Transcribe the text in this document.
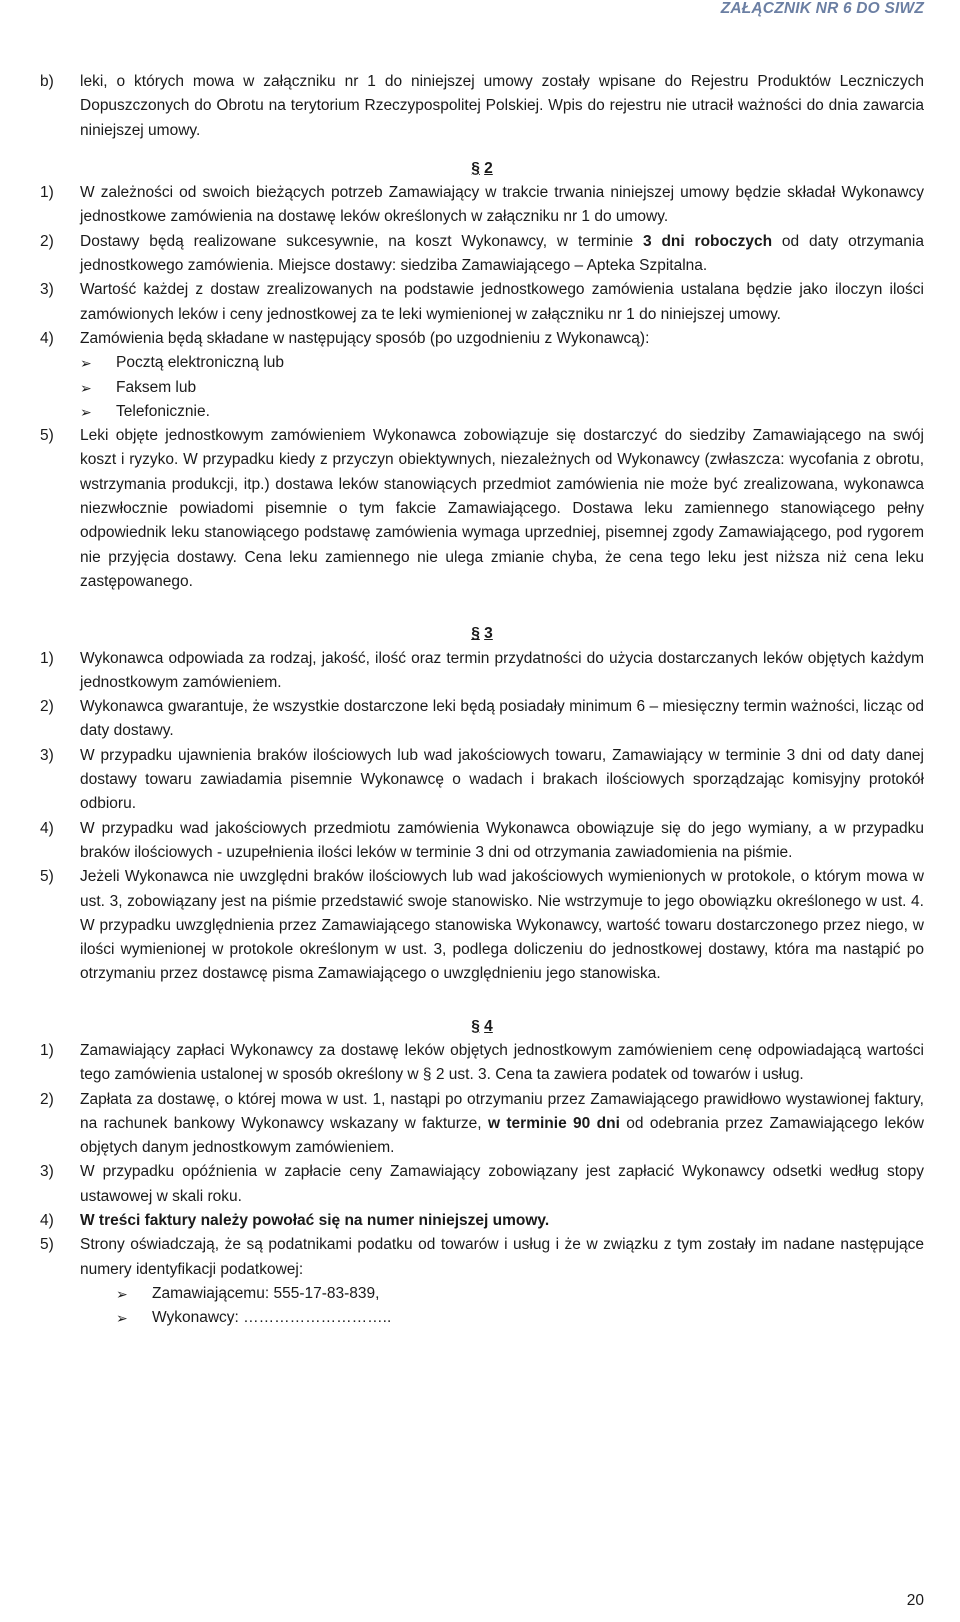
ZAŁĄCZNIK NR 6 DO SIWZ
b) leki, o których mowa w załączniku nr 1 do niniejszej umowy zostały wpisane do Rejestru Produktów Leczniczych Dopuszczonych do Obrotu na terytorium Rzeczypospolitej Polskiej. Wpis do rejestru nie utracił ważności do dnia zawarcia niniejszej umowy.
§ 2
1) W zależności od swoich bieżących potrzeb Zamawiający w trakcie trwania niniejszej umowy będzie składał Wykonawcy jednostkowe zamówienia na dostawę leków określonych w załączniku nr 1 do umowy.
2) Dostawy będą realizowane sukcesywnie, na koszt Wykonawcy, w terminie 3 dni roboczych od daty otrzymania jednostkowego zamówienia. Miejsce dostawy: siedziba Zamawiającego – Apteka Szpitalna.
3) Wartość każdej z dostaw zrealizowanych na podstawie jednostkowego zamówienia ustalana będzie jako iloczyn ilości zamówionych leków i ceny jednostkowej za te leki wymienionej w załączniku nr 1 do niniejszej umowy.
4) Zamówienia będą składane w następujący sposób (po uzgodnieniu z Wykonawcą):
➢ Pocztą elektroniczną lub
➢ Faksem lub
➢ Telefonicznie.
5) Leki objęte jednostkowym zamówieniem Wykonawca zobowiązuje się dostarczyć do siedziby Zamawiającego na swój koszt i ryzyko. W przypadku kiedy z przyczyn obiektywnych, niezależnych od Wykonawcy (zwłaszcza: wycofania z obrotu, wstrzymania produkcji, itp.) dostawa leków stanowiących przedmiot zamówienia nie może być zrealizowana, wykonawca niezwłocznie powiadomi pisemnie o tym fakcie Zamawiającego. Dostawa leku zamiennego stanowiącego pełny odpowiednik leku stanowiącego podstawę zamówienia wymaga uprzedniej, pisemnej zgody Zamawiającego, pod rygorem nie przyjęcia dostawy. Cena leku zamiennego nie ulega zmianie chyba, że cena tego leku jest niższa niż cena leku zastępowanego.
§ 3
1) Wykonawca odpowiada za rodzaj, jakość, ilość oraz termin przydatności do użycia dostarczanych leków objętych każdym jednostkowym zamówieniem.
2) Wykonawca gwarantuje, że wszystkie dostarczone leki będą posiadały minimum 6 – miesięczny termin ważności, licząc od daty dostawy.
3) W przypadku ujawnienia braków ilościowych lub wad jakościowych towaru, Zamawiający w terminie 3 dni od daty danej dostawy towaru zawiadamia pisemnie Wykonawcę o wadach i brakach ilościowych sporządzając komisyjny protokół odbioru.
4) W przypadku wad jakościowych przedmiotu zamówienia Wykonawca obowiązuje się do jego wymiany, a w przypadku braków ilościowych - uzupełnienia ilości leków w terminie 3 dni od otrzymania zawiadomienia na piśmie.
5) Jeżeli Wykonawca nie uwzględni braków ilościowych lub wad jakościowych wymienionych w protokole, o którym mowa w ust. 3, zobowiązany jest na piśmie przedstawić swoje stanowisko. Nie wstrzymuje to jego obowiązku określonego w ust. 4. W przypadku uwzględnienia przez Zamawiającego stanowiska Wykonawcy, wartość towaru dostarczonego przez niego, w ilości wymienionej w protokole określonym w ust. 3, podlega doliczeniu do jednostkowej dostawy, która ma nastąpić po otrzymaniu przez dostawcę pisma Zamawiającego o uwzględnieniu jego stanowiska.
§ 4
1) Zamawiający zapłaci Wykonawcy za dostawę leków objętych jednostkowym zamówieniem cenę odpowiadającą wartości tego zamówienia ustalonej w sposób określony w § 2 ust. 3. Cena ta zawiera podatek od towarów i usług.
2) Zapłata za dostawę, o której mowa w ust. 1, nastąpi po otrzymaniu przez Zamawiającego prawidłowo wystawionej faktury, na rachunek bankowy Wykonawcy wskazany w fakturze, w terminie 90 dni od odebrania przez Zamawiającego leków objętych danym jednostkowym zamówieniem.
3) W przypadku opóźnienia w zapłacie ceny Zamawiający zobowiązany jest zapłacić Wykonawcy odsetki według stopy ustawowej w skali roku.
4) W treści faktury należy powołać się na numer niniejszej umowy.
5) Strony oświadczają, że są podatnikami podatku od towarów i usług i że w związku z tym zostały im nadane następujące numery identyfikacji podatkowej:
➢ Zamawiającemu: 555-17-83-839,
➢ Wykonawcy: ………………………..
20
